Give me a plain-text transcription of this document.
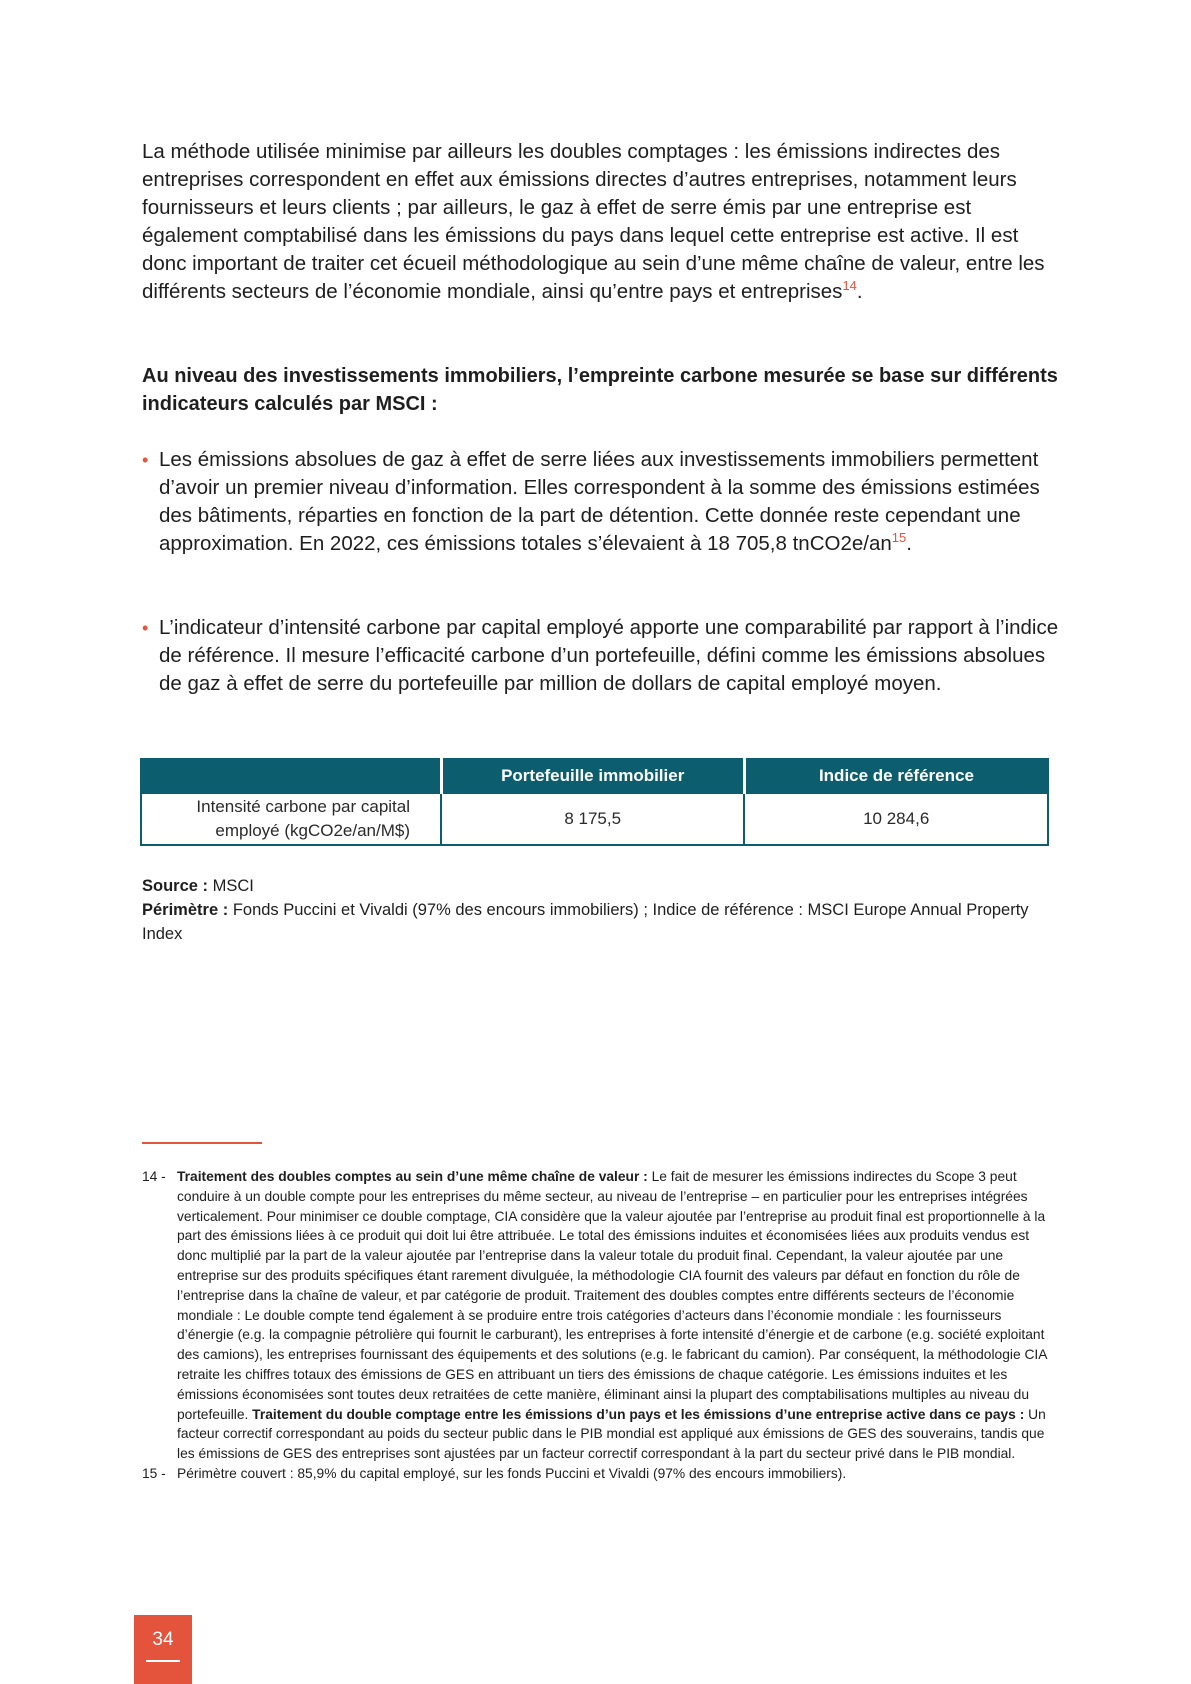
La méthode utilisée minimise par ailleurs les doubles comptages : les émissions indirectes des entreprises correspondent en effet aux émissions directes d’autres entreprises, notamment leurs fournisseurs et leurs clients ; par ailleurs, le gaz à effet de serre émis par une entreprise est également comptabilisé dans les émissions du pays dans lequel cette entreprise est active. Il est donc important de traiter cet écueil méthodologique au sein d’une même chaîne de valeur, entre les différents secteurs de l’économie mondiale, ainsi qu’entre pays et entreprises$^{14}$.

Au niveau des investissements immobiliers, l’empreinte carbone mesurée se base sur différents indicateurs calculés par MSCI :

• Les émissions absolues de gaz à effet de serre liées aux investissements immobiliers permettent d’avoir un premier niveau d’information. Elles correspondent à la somme des émissions estimées des bâtiments, réparties en fonction de la part de détention. Cette donnée reste cependant une approximation. En 2022, ces émissions totales s’élevaient à 18 705,8 tnCO2e/an$^{15}$.
• L’indicateur d’intensité carbone par capital employé apporte une comparabilité par rapport à l’indice de référence. Il mesure l’efficacité carbone d’un portefeuille, défini comme les émissions absolues de gaz à effet de serre du portefeuille par million de dollars de capital employé moyen.
	Portefeuille immobilier	Indice de référence
Intensité carbone par capital
employé (kgCO2e/an/M$)	8 175,5	10 284,6

Source : MSCI
Périmètre : Fonds Puccini et Vivaldi (97% des encours immobiliers) ; Indice de référence : MSCI Europe Annual Property Index

14 - Traitement des doubles comptes au sein d’une même chaîne de valeur : Le fait de mesurer les émissions indirectes du Scope 3 peut conduire à un double compte pour les entreprises du même secteur, au niveau de l’entreprise – en particulier pour les entreprises intégrées verticalement. Pour minimiser ce double comptage, CIA considère que la valeur ajoutée par l’entreprise au produit final est proportionnelle à la part des émissions liées à ce produit qui doit lui être attribuée. Le total des émissions induites et économisées liées aux produits vendus est donc multiplié par la part de la valeur ajoutée par l’entreprise dans la valeur totale du produit final. Cependant, la valeur ajoutée par une entreprise sur des produits spécifiques étant rarement divulguée, la méthodologie CIA fournit des valeurs par défaut en fonction du rôle de l’entreprise dans la chaîne de valeur, et par catégorie de produit. Traitement des doubles comptes entre différents secteurs de l’économie mondiale : Le double compte tend également à se produire entre trois catégories d’acteurs dans l’économie mondiale : les fournisseurs d’énergie (e.g. la compagnie pétrolière qui fournit le carburant), les entreprises à forte intensité d’énergie et de carbone (e.g. société exploitant des camions), les entreprises fournissant des équipements et des solutions (e.g. le fabricant du camion). Par conséquent, la méthodologie CIA retraite les chiffres totaux des émissions de GES en attribuant un tiers des émissions de chaque catégorie. Les émissions induites et les émissions économisées sont toutes deux retraitées de cette manière, éliminant ainsi la plupart des comptabilisations multiples au niveau du portefeuille. Traitement du double comptage entre les émissions d’un pays et les émissions d’une entreprise active dans ce pays : Un facteur correctif correspondant au poids du secteur public dans le PIB mondial est appliqué aux émissions de GES des souverains, tandis que les émissions de GES des entreprises sont ajustées par un facteur correctif correspondant à la part du secteur privé dans le PIB mondial.

15 - Périmètre couvert : 85,9% du capital employé, sur les fonds Puccini et Vivaldi (97% des encours immobiliers).

34
